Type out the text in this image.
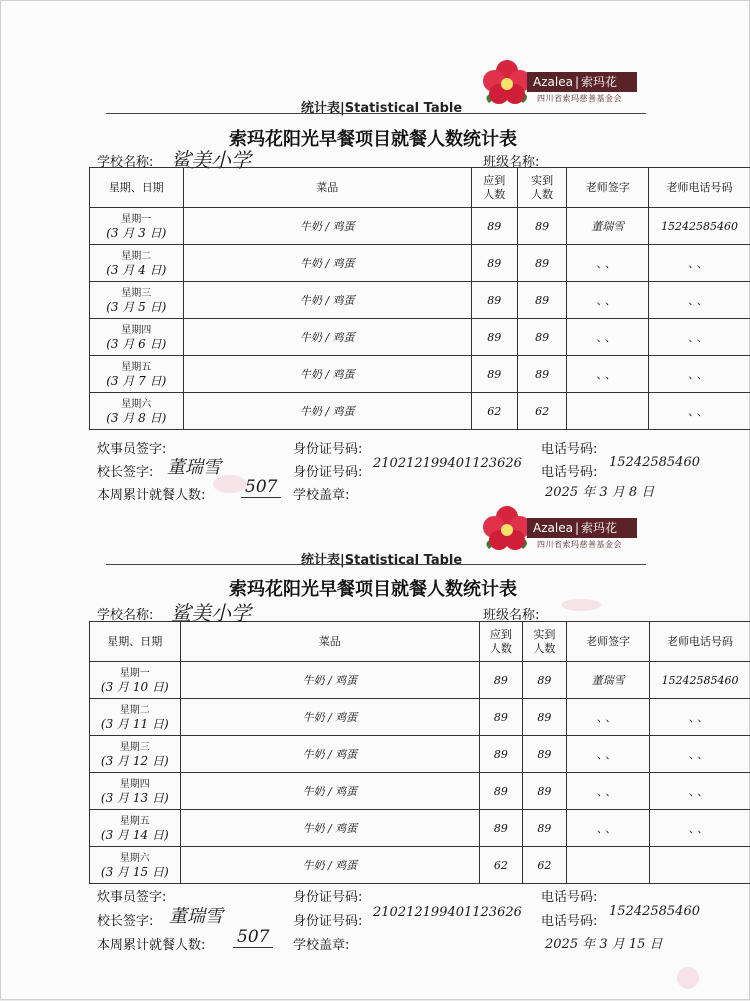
Azalea | 索玛花
四川省索玛慈善基金会
统计表|Statistical Table
索玛花阳光早餐项目就餐人数统计表
学校名称: 鲨美小学	班级名称:
星期、日期	菜品	应到
人数	实到
人数	老师签字	老师电话号码

星期一
(3 月 3 日)	牛奶 / 鸡蛋	89	89	董瑞雪	15242585460

星期二
(3 月 4 日)	牛奶 / 鸡蛋	89	89	、、	、、

星期三
(3 月 5 日)	牛奶 / 鸡蛋	89	89	、、	、、

星期四
(3 月 6 日)	牛奶 / 鸡蛋	89	89	、、	、、

星期五
(3 月 7 日)	牛奶 / 鸡蛋	89	89	、、	、、

星期六
(3 月 8 日)	牛奶 / 鸡蛋	62	62		、、
炊事员签字:	身份证号码:	电话号码:
校长签字: 董瑞雪	身份证号码:
210212199401123626
电话号码:
15242585460
本周累计就餐人数: 507	学校盖章:	2025 年 3 月 8 日
Azalea | 索玛花
四川省索玛慈善基金会
统计表|Statistical Table
索玛花阳光早餐项目就餐人数统计表
学校名称: 鲨美小学	班级名称:
星期、日期	菜品	应到
人数	实到
人数	老师签字	老师电话号码

星期一
(3 月 10 日)	牛奶 / 鸡蛋	89	89	董瑞雪	15242585460

星期二
(3 月 11 日)	牛奶 / 鸡蛋	89	89	、、	、、

星期三
(3 月 12 日)	牛奶 / 鸡蛋	89	89	、、	、、

星期四
(3 月 13 日)	牛奶 / 鸡蛋	89	89	、、	、、

星期五
(3 月 14 日)	牛奶 / 鸡蛋	89	89	、、	、、

星期六
(3 月 15 日)	牛奶 / 鸡蛋	62	62		
炊事员签字:	身份证号码:	电话号码:
校长签字: 董瑞雪	身份证号码:
210212199401123626
电话号码:
15242585460
本周累计就餐人数: 507	学校盖章:	2025 年 3 月 15 日
